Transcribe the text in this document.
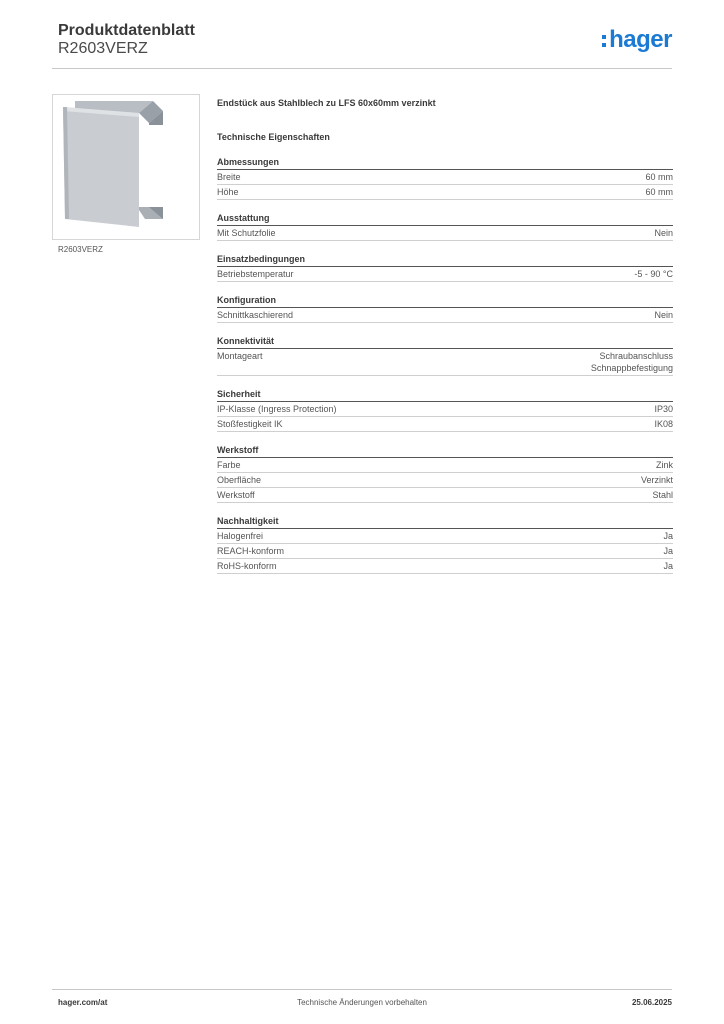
Produktdatenblatt
R2603VERZ	hager
R2603VERZ
Endstück aus Stahlblech zu LFS 60x60mm verzinkt
Technische Eigenschaften
Abmessungen
Breite	60 mm
Höhe	60 mm
Ausstattung
Mit Schutzfolie	Nein
Einsatzbedingungen
Betriebstemperatur	-5 - 90 °C
Konfiguration
Schnittkaschierend	Nein
Konnektivität
Montageart	Schraubanschluss
Schnappbefestigung
Sicherheit
IP-Klasse (Ingress Protection)	IP30
Stoßfestigkeit IK	IK08
Werkstoff
Farbe	Zink
Oberfläche	Verzinkt
Werkstoff	Stahl
Nachhaltigkeit
Halogenfrei	Ja
REACH-konform	Ja
RoHS-konform	Ja
hager.com/at	Technische Änderungen vorbehalten	25.06.2025
